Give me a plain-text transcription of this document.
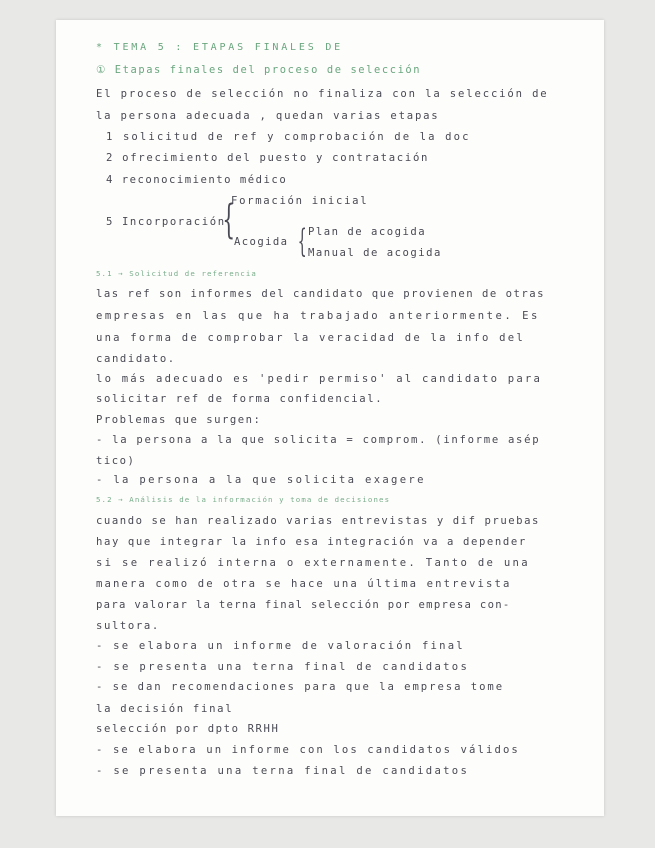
* TEMA 5 : ETAPAS FINALES DE
① Etapas finales del proceso de selección
El proceso de selección no finaliza con la selección de
la persona adecuada , quedan varias etapas
1 solicitud de ref y comprobación de la doc
2 ofrecimiento del puesto y contratación
4 reconocimiento médico
Formación inicial
5 Incorporación
{
Acogida { Plan de acogida
Manual de acogida
5.1 → Solicitud de referencia
las ref son informes del candidato que provienen de otras
empresas en las que ha trabajado anteriormente. Es
una forma de comprobar la veracidad de la info del
candidato.
lo más adecuado es 'pedir permiso' al candidato para
solicitar ref de forma confidencial.
Problemas que surgen:
- la persona a la que solicita = comprom. (informe asép
tico)
- la persona a la que solicita exagere
5.2 → Análisis de la información y toma de decisiones
cuando se han realizado varias entrevistas y dif pruebas
hay que integrar la info esa integración va a depender
si se realizó interna o externamente. Tanto de una
manera como de otra se hace una última entrevista
para valorar la terna final selección por empresa con-
sultora.
- se elabora un informe de valoración final
- se presenta una terna final de candidatos
- se dan recomendaciones para que la empresa tome
la decisión final
selección por dpto RRHH
- se elabora un informe con los candidatos válidos
- se presenta una terna final de candidatos
